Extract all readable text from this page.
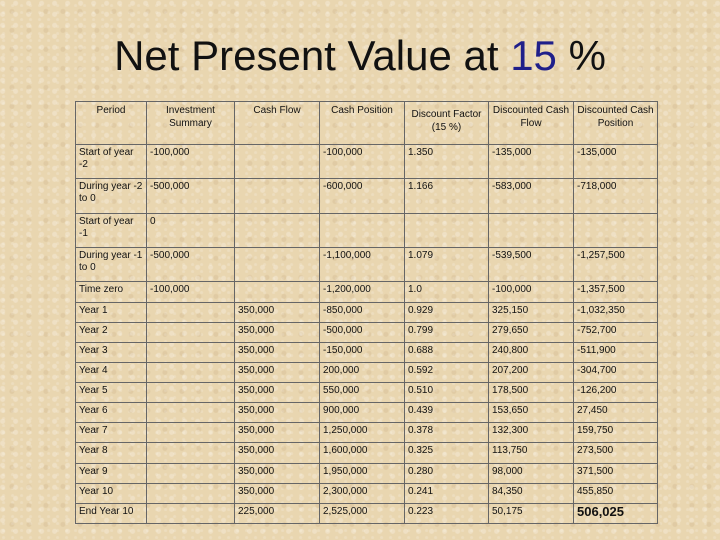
Net Present Value at 15 %
Period	Investment Summary	Cash Flow	Cash Position	Discount Factor (15 %)	Discounted Cash Flow	Discounted Cash Position
Start of year -2	-100,000		-100,000	1.350	-135,000	-135,000
During year -2 to 0	-500,000		-600,000	1.166	-583,000	-718,000
Start of year -1	0					
During year -1 to 0	-500,000		-1,100,000	1.079	-539,500	-1,257,500
Time zero	-100,000		-1,200,000	1.0	-100,000	-1,357,500
Year 1		350,000	-850,000	0.929	325,150	-1,032,350
Year 2		350,000	-500,000	0.799	279,650	-752,700
Year 3		350,000	-150,000	0.688	240,800	-511,900
Year 4		350,000	200,000	0.592	207,200	-304,700
Year 5		350,000	550,000	0.510	178,500	-126,200
Year 6		350,000	900,000	0.439	153,650	27,450
Year 7		350,000	1,250,000	0.378	132,300	159,750
Year 8		350,000	1,600,000	0.325	113,750	273,500
Year 9		350,000	1,950,000	0.280	98,000	371,500
Year 10		350,000	2,300,000	0.241	84,350	455,850
End Year 10		225,000	2,525,000	0.223	50,175	506,025
